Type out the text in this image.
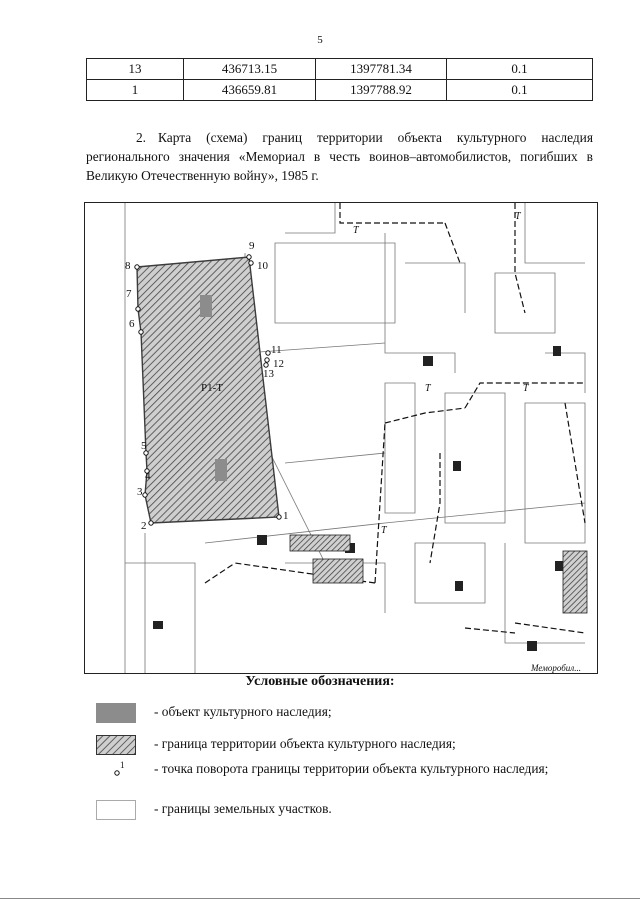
5
13	436713.15	1397781.34	0.1
1	436659.81	1397788.92	0.1
2. Карта (схема) границ территории объекта культурного наследия регионального значения «Мемориал в честь воинов–автомобилистов, погибших в Великую Отечественную войну», 1985 г.
Р1-Т
1
2
3
4
5
6
7
8
9
10
11
12
13
Т
Т	Т
Т
Т
Меморобил...
Условные обозначения:
- объект культурного наследия;
- граница территории объекта культурного наследия;
1 - точка поворота границы территории объекта культурного наследия;
- границы земельных участков.
